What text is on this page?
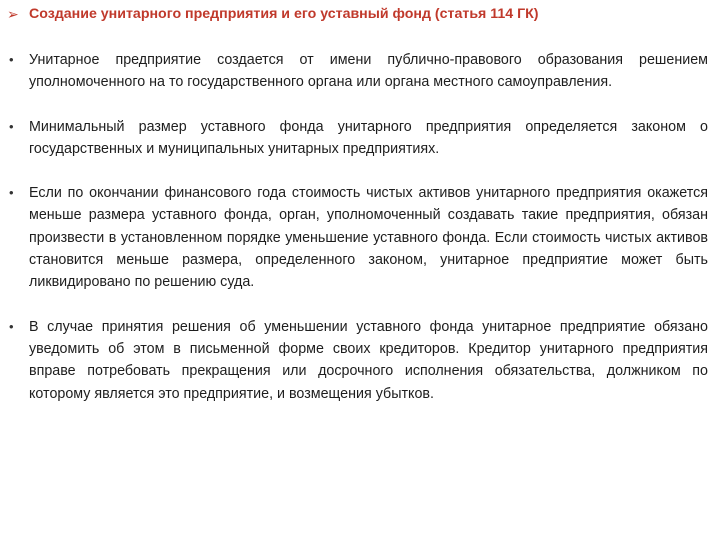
➢ Создание унитарного предприятия и его уставный фонд (статья 114 ГК)
•	Унитарное предприятие создается от имени публично-правового образования решением уполномоченного на то государственного органа или органа местного самоуправления.
•	Минимальный размер уставного фонда унитарного предприятия определяется законом о государственных и муниципальных унитарных предприятиях.
•	Если по окончании финансового года стоимость чистых активов унитарного предприятия окажется меньше размера уставного фонда, орган, уполномоченный создавать такие предприятия, обязан произвести в установленном порядке уменьшение уставного фонда. Если стоимость чистых активов становится меньше размера, определенного законом, унитарное предприятие может быть ликвидировано по решению суда.
•	В случае принятия решения об уменьшении уставного фонда унитарное предприятие обязано уведомить об этом в письменной форме своих кредиторов. Кредитор унитарного предприятия вправе потребовать прекращения или досрочного исполнения обязательства, должником по которому является это предприятие, и возмещения убытков.
